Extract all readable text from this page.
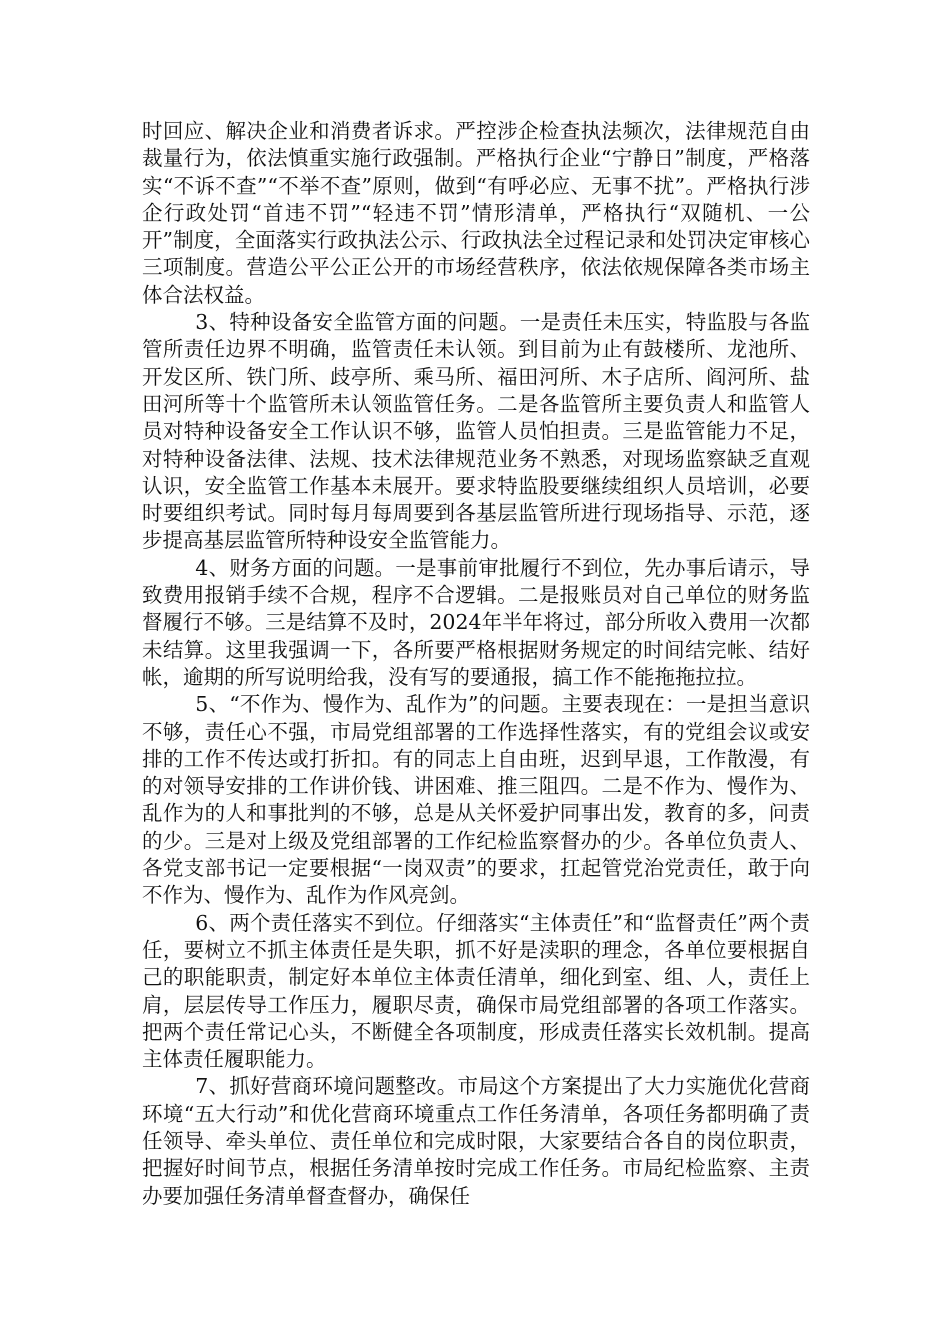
时回应、解决企业和消费者诉求。严控涉企检查执法频次，法律规范自由裁量行为，依法慎重实施行政强制。严格执行企业“宁静日”制度，严格落实“不诉不查”“不举不查”原则，做到“有呼必应、无事不扰”。严格执行涉企行政处罚“首违不罚”“轻违不罚”情形清单，严格执行“双随机、一公开”制度，全面落实行政执法公示、行政执法全过程记录和处罚决定审核心三项制度。营造公平公正公开的市场经营秩序，依法依规保障各类市场主体合法权益。

3、特种设备安全监管方面的问题。一是责任未压实，特监股与各监管所责任边界不明确，监管责任未认领。到目前为止有鼓楼所、龙池所、开发区所、铁门所、歧亭所、乘马所、福田河所、木子店所、阎河所、盐田河所等十个监管所未认领监管任务。二是各监管所主要负责人和监管人员对特种设备安全工作认识不够，监管人员怕担责。三是监管能力不足，对特种设备法律、法规、技术法律规范业务不熟悉，对现场监察缺乏直观认识，安全监管工作基本未展开。要求特监股要继续组织人员培训，必要时要组织考试。同时每月每周要到各基层监管所进行现场指导、示范，逐步提高基层监管所特种设安全监管能力。

4、财务方面的问题。一是事前审批履行不到位，先办事后请示，导致费用报销手续不合规，程序不合逻辑。二是报账员对自己单位的财务监督履行不够。三是结算不及时，2024年半年将过，部分所收入费用一次都未结算。这里我强调一下，各所要严格根据财务规定的时间结完帐、结好帐，逾期的所写说明给我，没有写的要通报，搞工作不能拖拖拉拉。

5、“不作为、慢作为、乱作为”的问题。主要表现在：一是担当意识不够，责任心不强，市局党组部署的工作选择性落实，有的党组会议或安排的工作不传达或打折扣。有的同志上自由班，迟到早退，工作散漫，有的对领导安排的工作讲价钱、讲困难、推三阻四。二是不作为、慢作为、乱作为的人和事批判的不够，总是从关怀爱护同事出发，教育的多，问责的少。三是对上级及党组部署的工作纪检监察督办的少。各单位负责人、各党支部书记一定要根据“一岗双责”的要求，扛起管党治党责任，敢于向不作为、慢作为、乱作为作风亮剑。

6、两个责任落实不到位。仔细落实“主体责任”和“监督责任”两个责任，要树立不抓主体责任是失职，抓不好是渎职的理念，各单位要根据自己的职能职责，制定好本单位主体责任清单，细化到室、组、人，责任上肩，层层传导工作压力，履职尽责，确保市局党组部署的各项工作落实。把两个责任常记心头，不断健全各项制度，形成责任落实长效机制。提高主体责任履职能力。

7、抓好营商环境问题整改。市局这个方案提出了大力实施优化营商环境“五大行动”和优化营商环境重点工作任务清单，各项任务都明确了责任领导、牵头单位、责任单位和完成时限，大家要结合各自的岗位职责，把握好时间节点，根据任务清单按时完成工作任务。市局纪检监察、主责办要加强任务清单督查督办，确保任
